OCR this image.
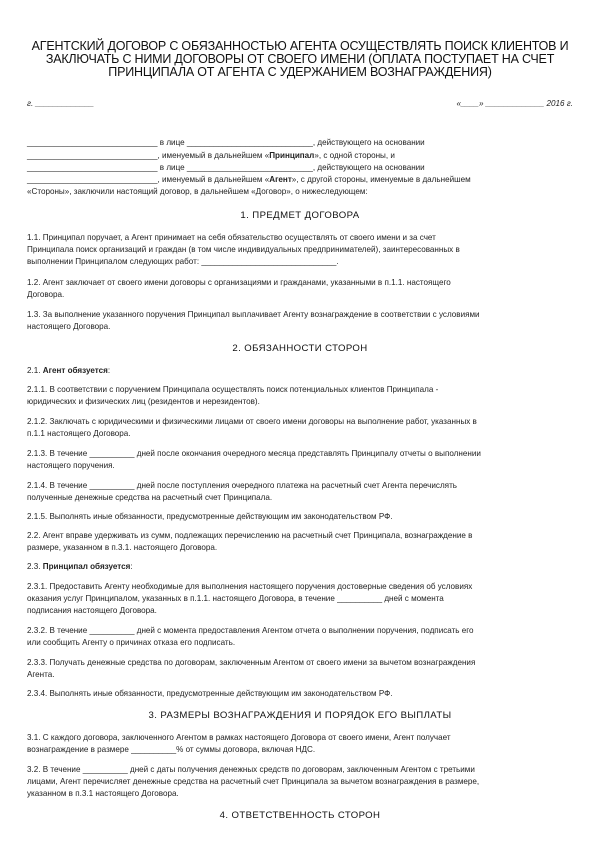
АГЕНТСКИЙ ДОГОВОР С ОБЯЗАННОСТЬЮ АГЕНТА ОСУЩЕСТВЛЯТЬ ПОИСК КЛИЕНТОВ И
ЗАКЛЮЧАТЬ С НИМИ ДОГОВОРЫ ОТ СВОЕГО ИМЕНИ (ОПЛАТА ПОСТУПАЕТ НА СЧЕТ
ПРИНЦИПАЛА ОТ АГЕНТА С УДЕРЖАНИЕМ ВОЗНАГРАЖДЕНИЯ)
г. _____________	«____» _____________ 2016 г.
_____________________________ в лице ____________________________, действующего на основании
_____________________________, именуемый в дальнейшем «Принципал», с одной стороны, и
_____________________________ в лице ____________________________, действующего на основании
_____________________________, именуемый в дальнейшем «Агент», с другой стороны, именуемые в дальнейшем
«Стороны», заключили настоящий договор, в дальнейшем «Договор», о нижеследующем:
1. ПРЕДМЕТ ДОГОВОРА
1.1. Принципал поручает, а Агент принимает на себя обязательство осуществлять от своего имени и за счет
Принципала поиск организаций и граждан (в том числе индивидуальных предпринимателей), заинтересованных в
выполнении Принципалом следующих работ: ______________________________.
1.2. Агент заключает от своего имени договоры с организациями и гражданами, указанными в п.1.1. настоящего
Договора.
1.3. За выполнение указанного поручения Принципал выплачивает Агенту вознаграждение в соответствии с условиями
настоящего Договора.
2. ОБЯЗАННОСТИ СТОРОН
2.1. Агент обязуется:
2.1.1. В соответствии с поручением Принципала осуществлять поиск потенциальных клиентов Принципала -
юридических и физических лиц (резидентов и нерезидентов).
2.1.2. Заключать с юридическими и физическими лицами от своего имени договоры на выполнение работ, указанных в
п.1.1 настоящего Договора.
2.1.3. В течение __________ дней после окончания очередного месяца представлять Принципалу отчеты о выполнении
настоящего поручения.
2.1.4. В течение __________ дней после поступления очередного платежа на расчетный счет Агента перечислять
полученные денежные средства на расчетный счет Принципала.
2.1.5. Выполнять иные обязанности, предусмотренные действующим им законодательством РФ.
2.2. Агент вправе удерживать из сумм, подлежащих перечислению на расчетный счет Принципала, вознаграждение в
размере, указанном в п.3.1. настоящего Договора.
2.3. Принципал обязуется:
2.3.1. Предоставить Агенту необходимые для выполнения настоящего поручения достоверные сведения об условиях
оказания услуг Принципалом, указанных в п.1.1. настоящего Договора, в течение __________ дней с момента
подписания настоящего Договора.
2.3.2. В течение __________ дней с момента предоставления Агентом отчета о выполнении поручения, подписать его
или сообщить Агенту о причинах отказа его подписать.
2.3.3. Получать денежные средства по договорам, заключенным Агентом от своего имени за вычетом вознаграждения
Агента.
2.3.4. Выполнять иные обязанности, предусмотренные действующим им законодательством РФ.
3. РАЗМЕРЫ ВОЗНАГРАЖДЕНИЯ И ПОРЯДОК ЕГО ВЫПЛАТЫ
3.1. С каждого договора, заключенного Агентом в рамках настоящего Договора от своего имени, Агент получает
вознаграждение в размере __________% от суммы договора, включая НДС.
3.2. В течение __________ дней с даты получения денежных средств по договорам, заключенным Агентом с третьими
лицами, Агент перечисляет денежные средства на расчетный счет Принципала за вычетом вознаграждения в размере,
указанном в п.3.1 настоящего Договора.
4. ОТВЕТСТВЕННОСТЬ СТОРОН
